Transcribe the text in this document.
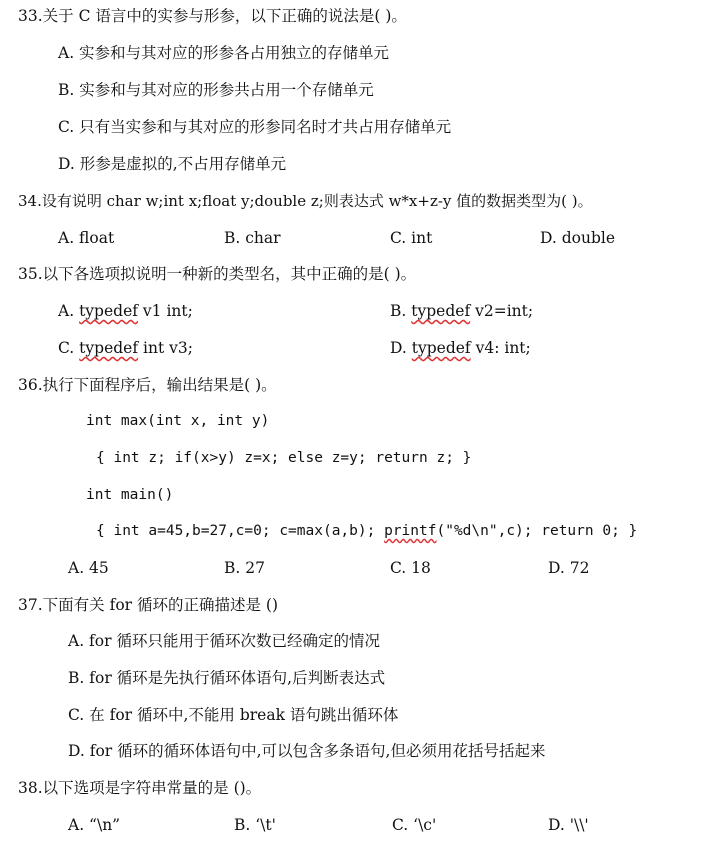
33.关于 C 语言中的实参与形参，以下正确的说法是( )。
A. 实参和与其对应的形参各占用独立的存储单元
B. 实参和与其对应的形参共占用一个存储单元
C. 只有当实参和与其对应的形参同名时才共占用存储单元
D. 形参是虚拟的,不占用存储单元
34.设有说明 char w;int x;float y;double z;则表达式 w*x+z-y 值的数据类型为( )。
A. float	B. char	C. int	D. double
35.以下各选项拟说明一种新的类型名，其中正确的是( )。
A. typedef v1 int;	B. typedef v2=int;
C. typedef int v3;	D. typedef v4: int;
36.执行下面程序后，输出结果是( )。
int max(int x, int y)
{ int z; if(x>y) z=x; else z=y; return z; }
int main()
{ int a=45,b=27,c=0; c=max(a,b); printf("%d\n",c); return 0; }
A. 45	B. 27	C. 18	D. 72
37.下面有关 for 循环的正确描述是 ()
A. for 循环只能用于循环次数已经确定的情况
B. for 循环是先执行循环体语句,后判断表达式
C. 在 for 循环中,不能用 break 语句跳出循环体
D. for 循环的循环体语句中,可以包含多条语句,但必须用花括号括起来
38.以下选项是字符串常量的是 ()。
A. “\n”	B. ‘\t'	C. ‘\c'	D. '\\'
